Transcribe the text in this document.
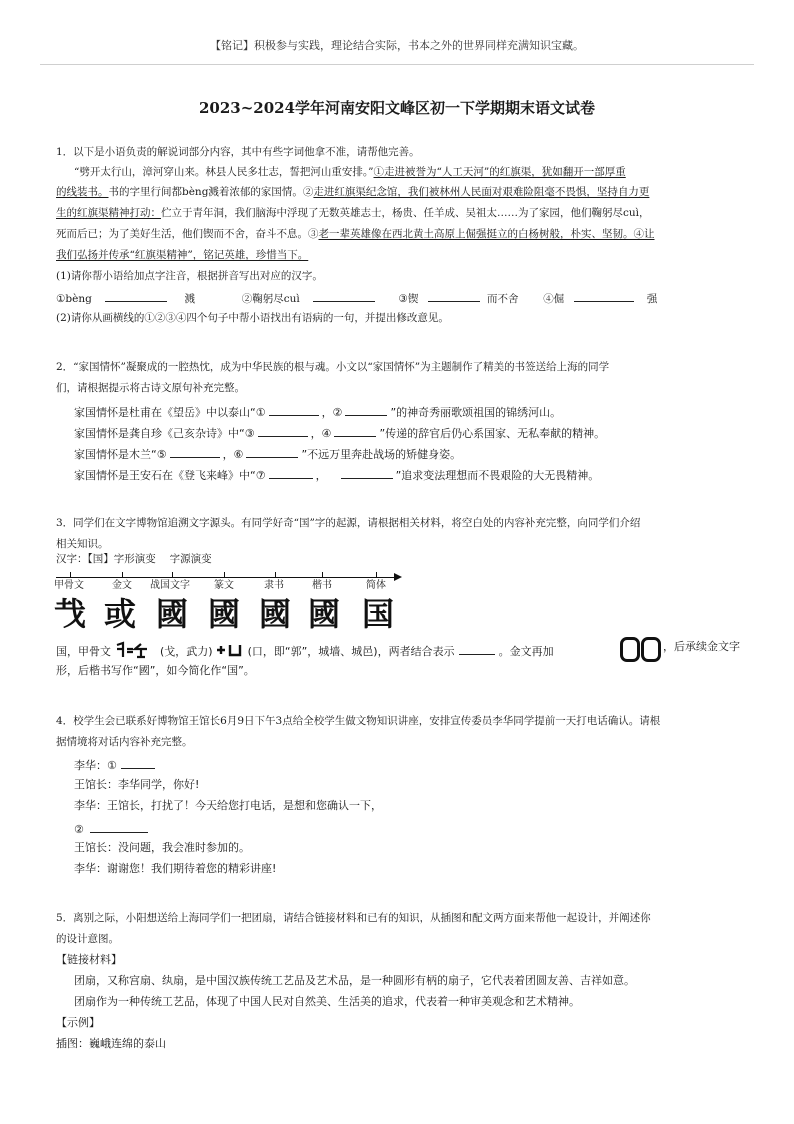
【铭记】积极参与实践，理论结合实际，书本之外的世界同样充满知识宝藏。
2023~2024学年河南安阳文峰区初一下学期期末语文试卷
1．以下是小语负责的解说词部分内容，其中有些字词他拿不准，请帮他完善。
“劈开太行山，漳河穿山来。林县人民多壮志，誓把河山重安排。”①走进被誉为“人工天河”的红旗渠，犹如翻开一部厚重
的线装书。书的字里行间都bèng溅着浓郁的家国情。②走进红旗渠纪念馆，我们被林州人民面对艰难险阻毫不畏惧，坚持自力更
生的红旗渠精神打动：伫立于青年洞，我们脑海中浮现了无数英雄志士，杨贵、任羊成、吴祖太……为了家园，他们鞠躬尽cuì，
死而后已；为了美好生活，他们锲而不舍，奋斗不息。③老一辈英雄像在西北黄土高原上倔强挺立的白杨树般，朴实、坚韧。④让
我们弘扬并传承“红旗渠精神”，铭记英雄，珍惜当下。
(1)请你帮小语给加点字注音，根据拼音写出对应的汉字。
①bèng	溅	②鞠躬尽cuì	③锲	而不舍 ④倔	强
(2)请你从画横线的①②③④四个句子中帮小语找出有语病的一句，并提出修改意见。
2．“家国情怀”凝聚成的一腔热忱，成为中华民族的根与魂。小文以“家国情怀”为主题制作了精美的书签送给上海的同学
们，请根据提示将古诗文原句补充完整。
家国情怀是杜甫在《望岳》中以泰山“①	，②	”的神奇秀丽歌颂祖国的锦绣河山。
家国情怀是龚自珍《己亥杂诗》中“③	，④	”传递的辞官后仍心系国家、无私奉献的精神。
家国情怀是木兰“⑤	，⑥	”不远万里奔赴战场的矫健身姿。
家国情怀是王安石在《登飞来峰》中“⑦	，	”追求变法理想而不畏艰险的大无畏精神。
3．同学们在文字博物馆追溯文字源头。有同学好奇“国”字的起源，请根据相关材料，将空白处的内容补充完整，向同学们介绍
相关知识。
汉字：【国】字形演变　 字源演变
甲骨文	金文 战国文字 篆文	隶书	楷书	简体
𢦏 或 國 國 國 國 国
国，甲骨文	(戈，武力)	(口，即“郭”，城墙、城邑)，两者结合表示	。金文再加	，后承续金文字
形，后楷书写作“國”，如今简化作“国”。
4．校学生会已联系好博物馆王馆长6月9日下午3点给全校学生做文物知识讲座，安排宣传委员李华同学提前一天打电话确认。请根
据情境将对话内容补充完整。
李华：①
王馆长：李华同学，你好!
李华：王馆长，打扰了！今天给您打电话，是想和您确认一下，
②
王馆长：没问题，我会准时参加的。
李华：谢谢您！我们期待着您的精彩讲座!
5．离别之际，小阳想送给上海同学们一把团扇，请结合链接材料和已有的知识，从插图和配文两方面来帮他一起设计，并阐述你
的设计意图。
【链接材料】
团扇，又称宫扇、纨扇，是中国汉族传统工艺品及艺术品，是一种圆形有柄的扇子，它代表着团圆友善、吉祥如意。
团扇作为一种传统工艺品，体现了中国人民对自然美、生活美的追求，代表着一种审美观念和艺术精神。
【示例】
插图：巍峨连绵的泰山
